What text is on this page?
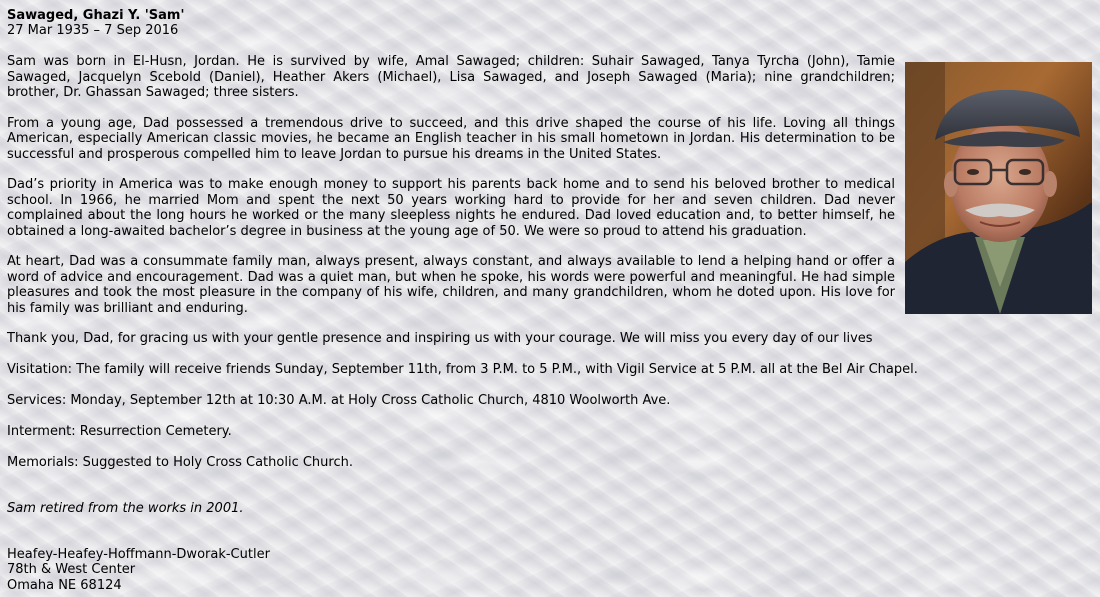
Sawaged, Ghazi Y. 'Sam'
27 Mar 1935 – 7 Sep 2016

Sam was born in El-Husn, Jordan. He is survived by wife, Amal Sawaged; children: Suhair Sawaged, Tanya Tyrcha (John), Tamie Sawaged, Jacquelyn Scebold (Daniel), Heather Akers (Michael), Lisa Sawaged, and Joseph Sawaged (Maria); nine grandchildren; brother, Dr. Ghassan Sawaged; three sisters.

From a young age, Dad possessed a tremendous drive to succeed, and this drive shaped the course of his life. Loving all things American, especially American classic movies, he became an English teacher in his small hometown in Jordan. His determination to be successful and prosperous compelled him to leave Jordan to pursue his dreams in the United States.

Dad’s priority in America was to make enough money to support his parents back home and to send his beloved brother to medical school. In 1966, he married Mom and spent the next 50 years working hard to provide for her and seven children. Dad never complained about the long hours he worked or the many sleepless nights he endured. Dad loved education and, to better himself, he obtained a long-awaited bachelor’s degree in business at the young age of 50. We were so proud to attend his graduation.

At heart, Dad was a consummate family man, always present, always constant, and always available to lend a helping hand or offer a word of advice and encouragement. Dad was a quiet man, but when he spoke, his words were powerful and meaningful. He had simple pleasures and took the most pleasure in the company of his wife, children, and many grandchildren, whom he doted upon. His love for his family was brilliant and enduring.

Thank you, Dad, for gracing us with your gentle presence and inspiring us with your courage. We will miss you every day of our lives

Visitation: The family will receive friends Sunday, September 11th, from 3 P.M. to 5 P.M., with Vigil Service at 5 P.M. all at the Bel Air Chapel.

Services: Monday, September 12th at 10:30 A.M. at Holy Cross Catholic Church, 4810 Woolworth Ave.

Interment: Resurrection Cemetery.

Memorials: Suggested to Holy Cross Catholic Church.

Sam retired from the works in 2001.

Heafey-Heafey-Hoffmann-Dworak-Cutler

78th & West Center

Omaha NE 68124
